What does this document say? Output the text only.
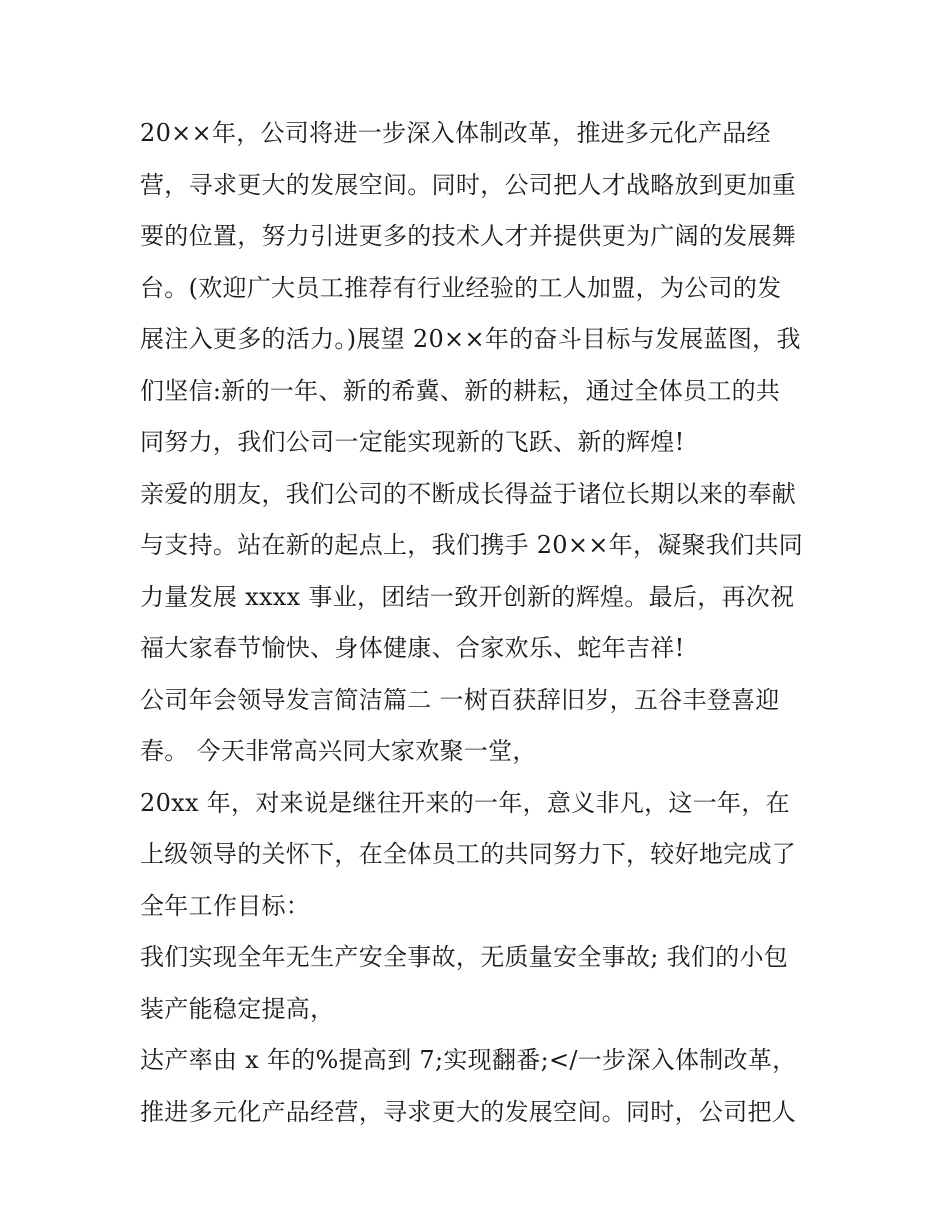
20××年，公司将进一步深入体制改革，推进多元化产品经
营，寻求更大的发展空间。同时，公司把人才战略放到更加重
要的位置，努力引进更多的技术人才并提供更为广阔的发展舞
台。(欢迎广大员工推荐有行业经验的工人加盟，为公司的发
展注入更多的活力。)展望 20××年的奋斗目标与发展蓝图，我
们坚信:新的一年、新的希冀、新的耕耘，通过全体员工的共
同努力，我们公司一定能实现新的飞跃、新的辉煌!
亲爱的朋友，我们公司的不断成长得益于诸位长期以来的奉献
与支持。站在新的起点上，我们携手 20××年，凝聚我们共同
力量发展 xxxx 事业，团结一致开创新的辉煌。最后，再次祝
福大家春节愉快、身体健康、合家欢乐、蛇年吉祥!
公司年会领导发言简洁篇二 一树百获辞旧岁，五谷丰登喜迎
春。 今天非常高兴同大家欢聚一堂，
20xx 年，对来说是继往开来的一年，意义非凡，这一年，在
上级领导的关怀下，在全体员工的共同努力下，较好地完成了
全年工作目标：
我们实现全年无生产安全事故，无质量安全事故; 我们的小包
装产能稳定提高，
达产率由 x 年的%提高到 7;实现翻番;</一步深入体制改革，
推进多元化产品经营，寻求更大的发展空间。同时，公司把人
